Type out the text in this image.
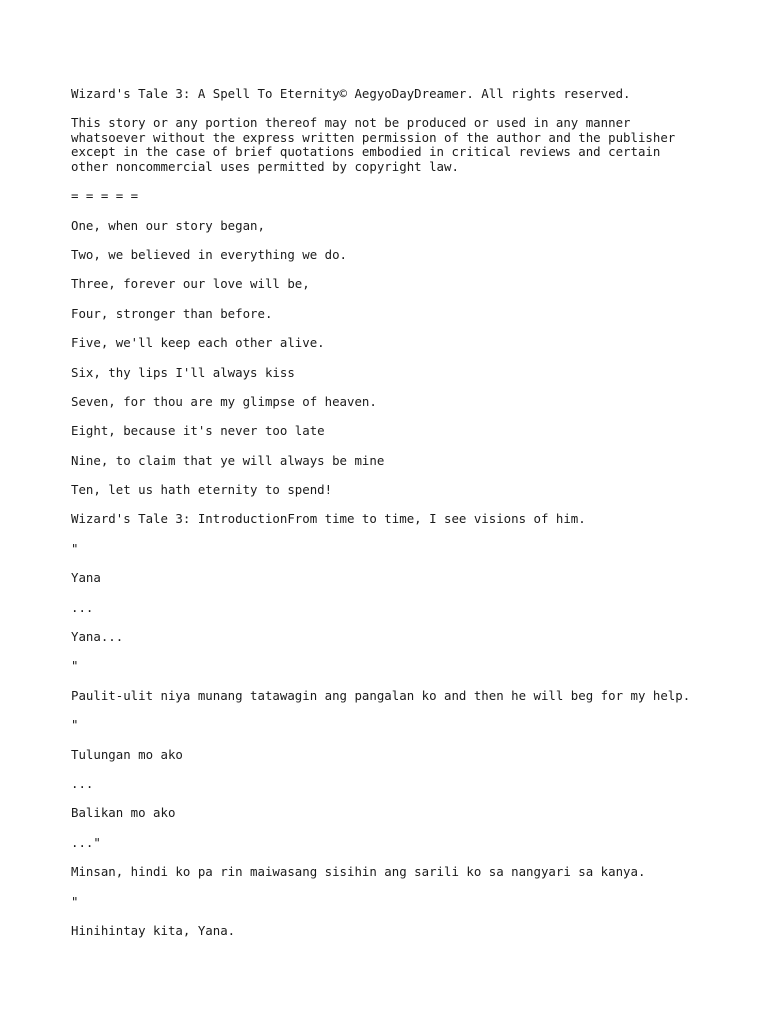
Wizard's Tale 3: A Spell To Eternity© AegyoDayDreamer. All rights reserved.

This story or any portion thereof may not be produced or used in any manner
whatsoever without the express written permission of the author and the publisher
except in the case of brief quotations embodied in critical reviews and certain
other noncommercial uses permitted by copyright law.

= = = = =

One, when our story began,

Two, we believed in everything we do.

Three, forever our love will be,

Four, stronger than before.

Five, we'll keep each other alive.

Six, thy lips I'll always kiss

Seven, for thou are my glimpse of heaven.

Eight, because it's never too late

Nine, to claim that ye will always be mine

Ten, let us hath eternity to spend!

Wizard's Tale 3: IntroductionFrom time to time, I see visions of him.

"

Yana

...

Yana...

"

Paulit-ulit niya munang tatawagin ang pangalan ko and then he will beg for my help.

"

Tulungan mo ako

...

Balikan mo ako

..."

Minsan, hindi ko pa rin maiwasang sisihin ang sarili ko sa nangyari sa kanya.

"

Hinihintay kita, Yana.
